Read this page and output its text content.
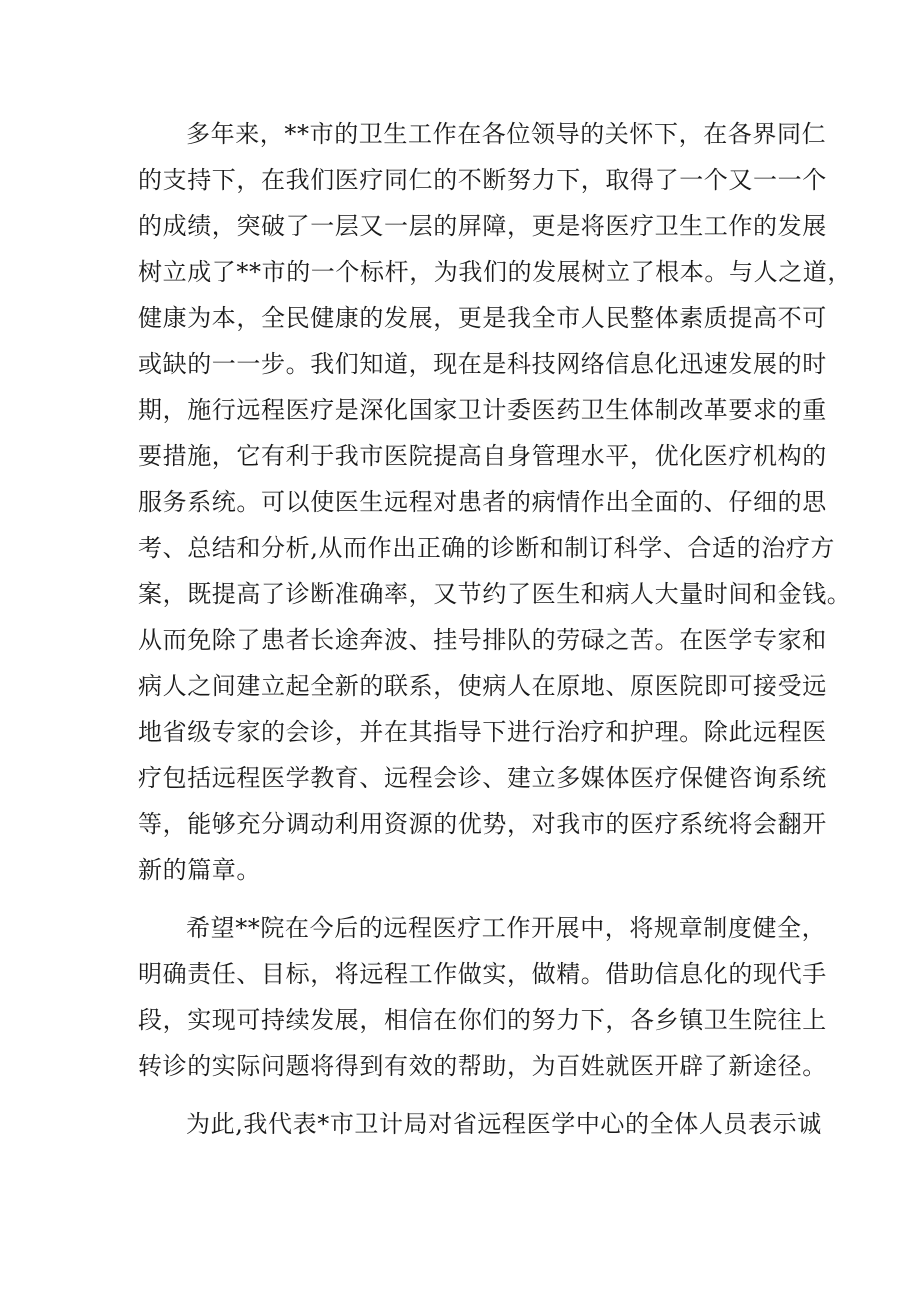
多年来，**市的卫生工作在各位领导的关怀下，在各界同仁
的支持下，在我们医疗同仁的不断努力下，取得了一个又一一个
的成绩，突破了一层又一层的屏障，更是将医疗卫生工作的发展
树立成了**市的一个标杆，为我们的发展树立了根本。与人之道，
健康为本，全民健康的发展，更是我全市人民整体素质提高不可
或缺的一一步。我们知道，现在是科技网络信息化迅速发展的时
期，施行远程医疗是深化国家卫计委医药卫生体制改革要求的重
要措施，它有利于我市医院提高自身管理水平，优化医疗机构的
服务系统。可以使医生远程对患者的病情作出全面的、仔细的思
考、总结和分析,从而作出正确的诊断和制订科学、合适的治疗方
案，既提高了诊断准确率，又节约了医生和病人大量时间和金钱。
从而免除了患者长途奔波、挂号排队的劳碌之苦。在医学专家和
病人之间建立起全新的联系，使病人在原地、原医院即可接受远
地省级专家的会诊，并在其指导下进行治疗和护理。除此远程医
疗包括远程医学教育、远程会诊、建立多媒体医疗保健咨询系统
等，能够充分调动利用资源的优势，对我市的医疗系统将会翻开
新的篇章。
希望**院在今后的远程医疗工作开展中，将规章制度健全，
明确责任、目标，将远程工作做实，做精。借助信息化的现代手
段，实现可持续发展，相信在你们的努力下，各乡镇卫生院往上
转诊的实际问题将得到有效的帮助，为百姓就医开辟了新途径。
为此,我代表*市卫计局对省远程医学中心的全体人员表示诚
